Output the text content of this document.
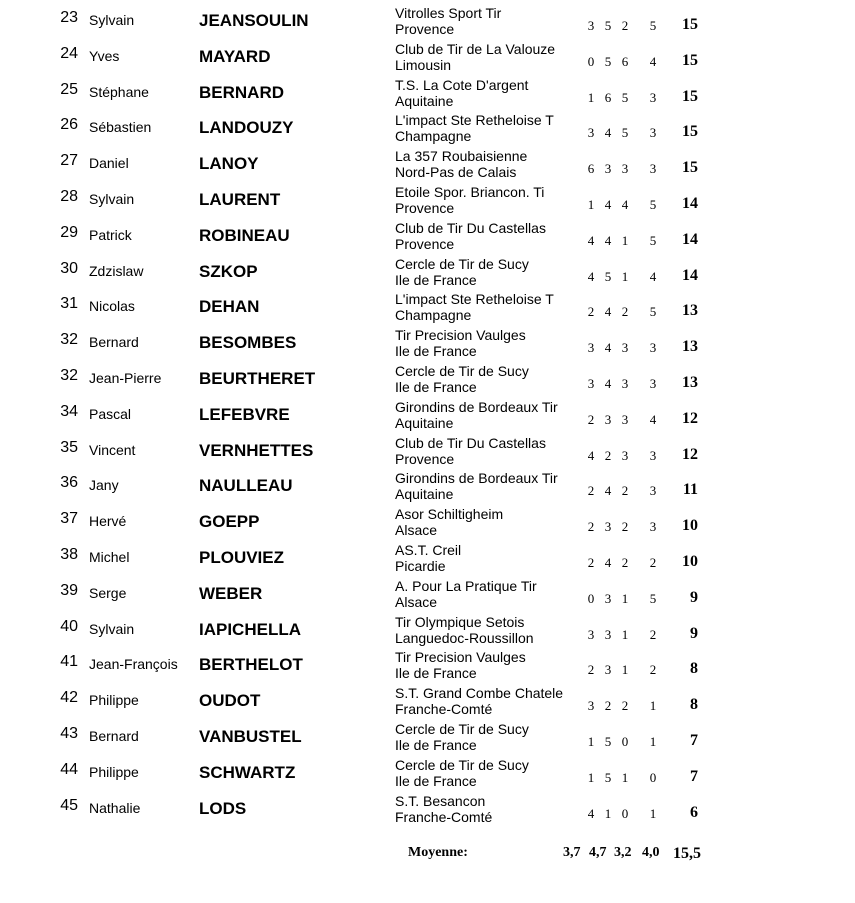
23 Sylvain	JEANSOULIN	Vitrolles Sport Tir
Provence	3 5 2 5	15
24 Yves	MAYARD	Club de Tir de La Valouze
Limousin	0 5 6 4	15
25 Stéphane	BERNARD	T.S. La Cote D'argent
Aquitaine	1 6 5 3	15
26 Sébastien	LANDOUZY	L'impact Ste Retheloise T
Champagne	3 4 5 3	15
27 Daniel	LANOY	La 357 Roubaisienne
Nord-Pas de Calais	6 3 3 3	15
28 Sylvain	LAURENT	Etoile Spor. Briancon. Ti
Provence	1 4 4 5	14
29 Patrick	ROBINEAU	Club de Tir Du Castellas
Provence	4 4 1 5	14
30 Zdzislaw	SZKOP	Cercle de Tir de Sucy
Ile de France	4 5 1 4	14
31 Nicolas	DEHAN	L'impact Ste Retheloise T
Champagne	2 4 2 5	13
32 Bernard	BESOMBES	Tir Precision Vaulges
Ile de France	3 4 3 3	13
32 Jean-Pierre BEURTHERET	Cercle de Tir de Sucy
Ile de France	3 4 3 3	13
34 Pascal	LEFEBVRE	Girondins de Bordeaux Tir
Aquitaine	2 3 3 4	12
35 Vincent	VERNHETTES	Club de Tir Du Castellas
Provence	4 2 3 3	12
36 Jany	NAULLEAU	Girondins de Bordeaux Tir
Aquitaine	2 4 2 3	11
37 Hervé	GOEPP	Asor Schiltigheim
Alsace	2 3 2 3	10
38 Michel	PLOUVIEZ	AS.T. Creil
Picardie	2 4 2 2	10
39 Serge	WEBER	A. Pour La Pratique Tir
Alsace	0 3 1 5	9
40 Sylvain	IAPICHELLA	Tir Olympique Setois
Languedoc-Roussillon	3 3 1 2	9
41 Jean-François BERTHELOT	Tir Precision Vaulges
Ile de France	2 3 1 2	8
42 Philippe	OUDOT	S.T. Grand Combe Chatele
Franche-Comté	3 2 2 1	8
43 Bernard	VANBUSTEL	Cercle de Tir de Sucy
Ile de France	1 5 0 1	7
44 Philippe	SCHWARTZ	Cercle de Tir de Sucy
Ile de France	1 5 1 0	7
45 Nathalie	LODS	S.T. Besancon
Franche-Comté	4 1 0 1	6
Moyenne:	3,7 4,7 3,2 4,0 15,5
